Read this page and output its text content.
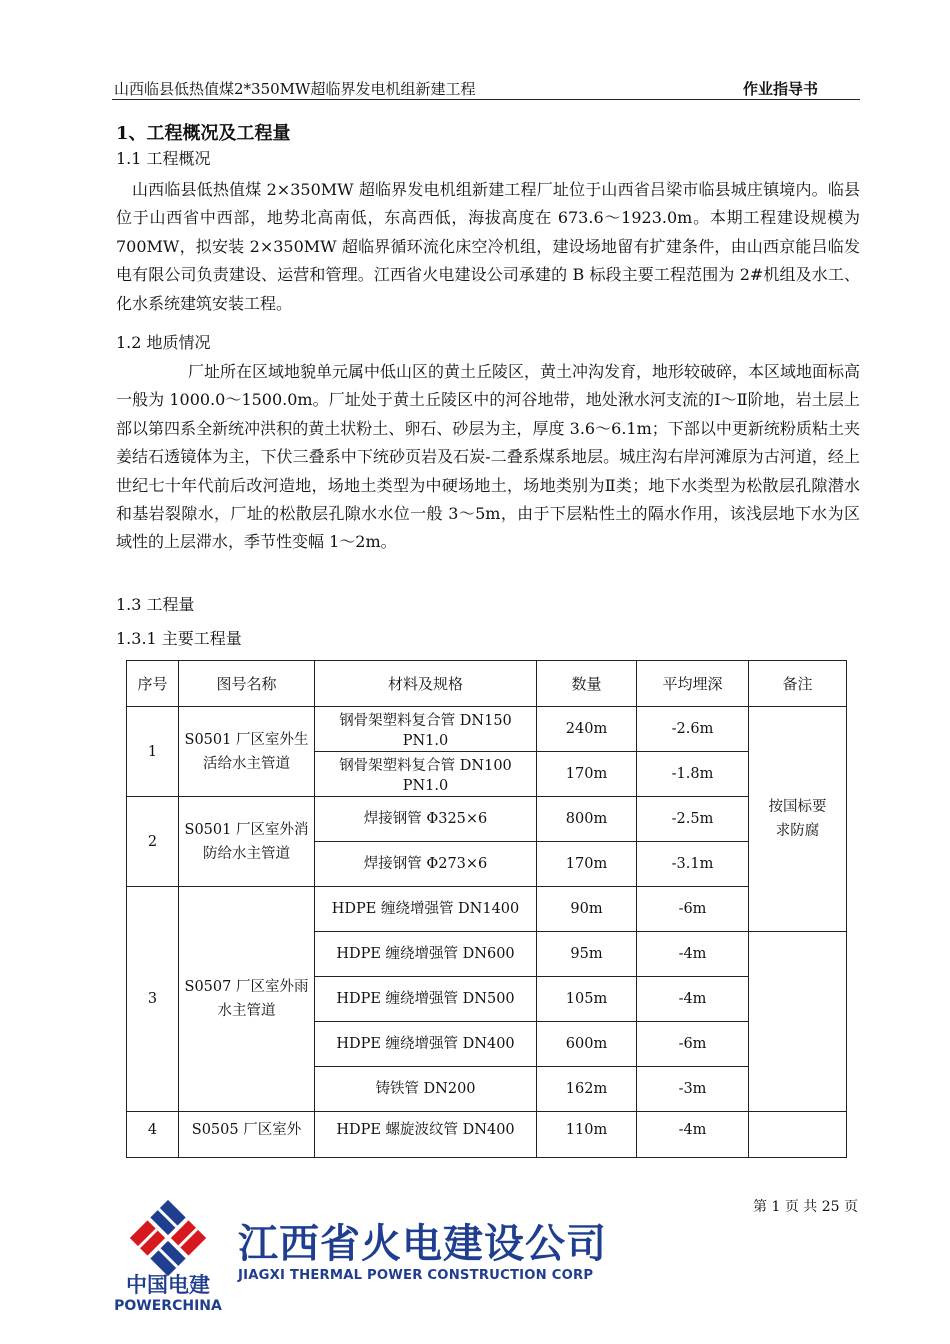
山西临县低热值煤2*350MW超临界发电机组新建工程	作业指导书
1、工程概况及工程量
1.1 工程概况
山西临县低热值煤 2×350MW 超临界发电机组新建工程厂址位于山西省吕梁市临县城庄镇境内。临县位于山西省中西部，地势北高南低，东高西低，海拔高度在 673.6～1923.0m。本期工程建设规模为 700MW，拟安装 2×350MW 超临界循环流化床空冷机组，建设场地留有扩建条件，由山西京能吕临发电有限公司负责建设、运营和管理。江西省火电建设公司承建的 B 标段主要工程范围为 2#机组及水工、化水系统建筑安装工程。
1.2 地质情况
厂址所在区域地貌单元属中低山区的黄土丘陵区，黄土冲沟发育，地形较破碎，本区域地面标高一般为 1000.0～1500.0m。厂址处于黄土丘陵区中的河谷地带，地处湫水河支流的Ⅰ～Ⅱ阶地，岩土层上部以第四系全新统冲洪积的黄土状粉土、卵石、砂层为主，厚度 3.6～6.1m；下部以中更新统粉质粘土夹姜结石透镜体为主，下伏三叠系中下统砂页岩及石炭-二叠系煤系地层。城庄沟右岸河滩原为古河道，经上世纪七十年代前后改河造地，场地土类型为中硬场地土，场地类别为Ⅱ类；地下水类型为松散层孔隙潜水和基岩裂隙水，厂址的松散层孔隙水水位一般 3～5m，由于下层粘性土的隔水作用，该浅层地下水为区域性的上层滞水，季节性变幅 1～2m。
1.3 工程量
1.3.1 主要工程量
序号	图号名称	材料及规格	数量	平均埋深	备注	
1	S0501 厂区室外生活给水主管道	钢骨架塑料复合管 DN150 PN1.0	240m	-2.6m	按国标要求防腐	
		钢骨架塑料复合管 DN100 PN1.0	170m	-1.8m		
2	S0501 厂区室外消防给水主管道	焊接钢管 Φ325×6	800m	-2.5m		
		焊接钢管 Φ273×6	170m	-3.1m		
3	S0507 厂区室外雨水主管道	HDPE 缠绕增强管 DN1400	90m	-6m		
		HDPE 缠绕增强管 DN600	95m	-4m		
		HDPE 缠绕增强管 DN500	105m	-4m		
		HDPE 缠绕增强管 DN400	600m	-6m		
		铸铁管 DN200	162m	-3m		
4	S0505 厂区室外	HDPE 螺旋波纹管 DN400	110m	-4m		
第 1 页 共 25 页
中国电建
POWERCHINA
江西省火电建设公司
JIAGXI THERMAL POWER CONSTRUCTION CORP
